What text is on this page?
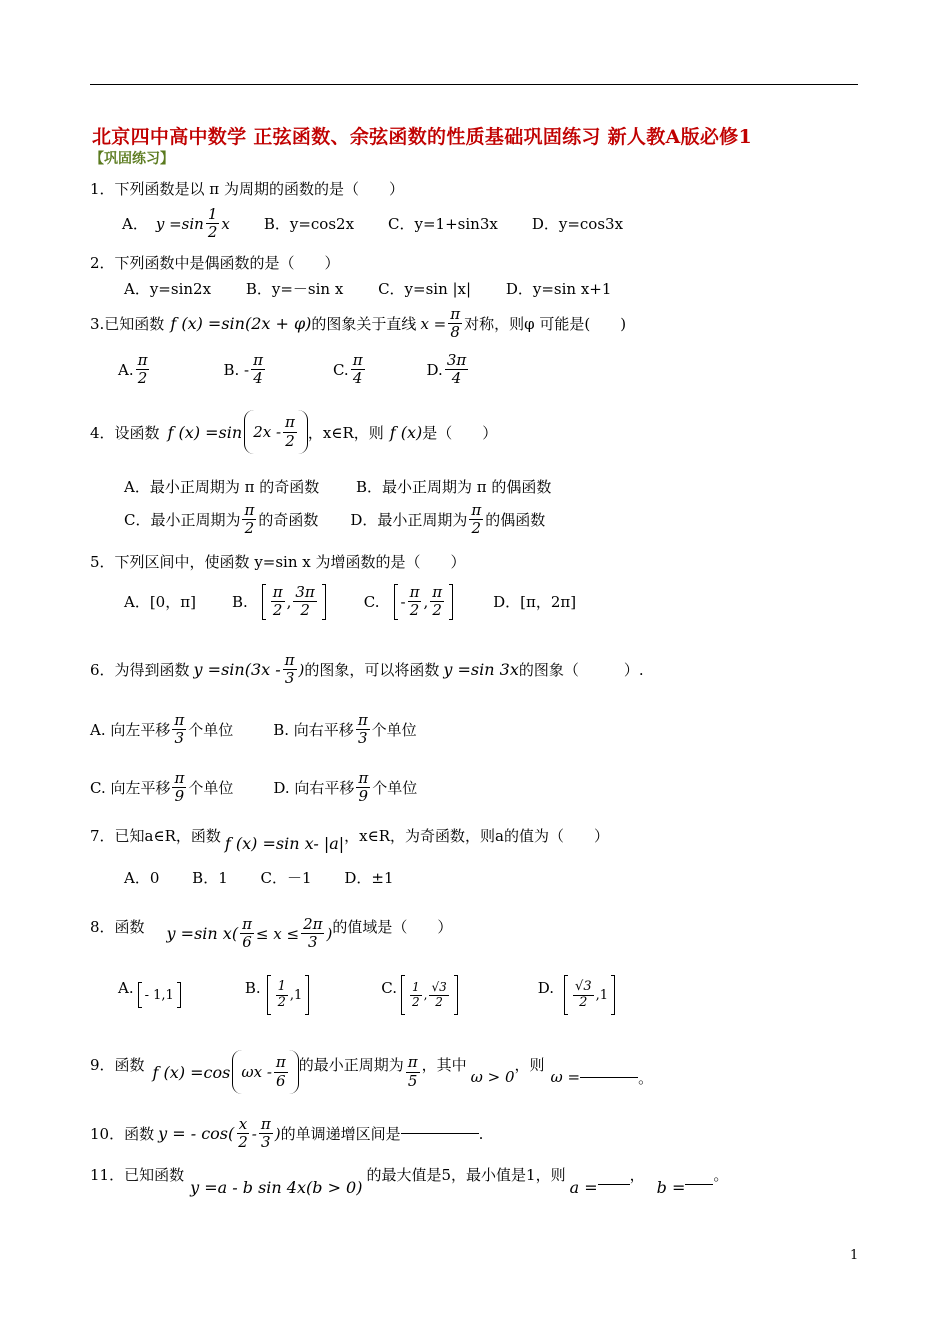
北京四中高中数学 正弦函数、余弦函数的性质基础巩固练习 新人教A版必修1
【巩固练习】
1．下列函数是以 π 为周期的函数的是（　　）
A． $y =\sin \frac{1}{2}$ x B．y=cos2x C．y=1+sin3x D．y=cos3x
2．下列函数中是偶函数的是（　　）
A．y=sin2x B．y=－sin x C．y=sin |x| D．y=sin x+1
3.已知函数 f (x) =sin(2x + φ) 的图象关于直线 $x = \frac{\pi}{8}$ 对称，则φ 可能是(　　)
A. $\frac{\pi}{2}$	B. - $\frac{\pi}{4}$	C. $\frac{\pi}{4}$	D. $\frac{3\pi}{4}$
4．设函数 f (x) =sin $2x - \frac{\pi}{2}$ ，x∈R，则 f (x) 是（　　）
A．最小正周期为 π 的奇函数 B．最小正周期为 π 的偶函数
C．最小正周期为 $\frac{\pi}{2}$ 的奇函数 D．最小正周期为 $\frac{\pi}{2}$ 的偶函数
5．下列区间中，使函数 y=sin x 为增函数的是（　　）
A．[0，π] B. $\frac{\pi}{2}$ , $\frac{3\pi}{2}$	C. - $\frac{\pi}{2}$ , $\frac{\pi}{2}$	D．[π，2π]
6．为得到函数 $y =\sin(3x - \frac{\pi}{3}$ ) 的图象，可以将函数 y =sin 3x 的图象（　　　）.
A. 向左平移 $\frac{\pi}{3}$ 个单位	B. 向右平移 $\frac{\pi}{3}$ 个单位
C. 向左平移 $\frac{\pi}{9}$ 个单位	D. 向右平移 $\frac{\pi}{9}$ 个单位
7．已知a∈R，函数 f (x) =sin x- |a| ，x∈R，为奇函数，则a的值为（　　）
A．0 B．1 C．－1 D．±1
8．函数 y =sin $x( \frac{\pi}{6} \le x \le \frac{2\pi}{3}$ ) 的值域是（　　）
A. - 1,1	B. $\frac{1}{2} ,1$	C. $\frac{1}{2}$ , $\frac{√3}{2}$	D. $\frac{√3}{2} ,1$
9．函数 f (x) =cos ωx - $\frac{\pi}{6}$ 的最小正周期为 $\frac{\pi}{5}$ ，其中
ω > 0
，则
ω =	。
10．函数 y = - $\cos( \frac{x}{2} - \frac{\pi}{3}$ ) 的单调递增区间是	.
11．已知函数
y =a - b sin 4x(b > 0)
的最大值是5，最小值是1，则
a =
，
b =
。
1
